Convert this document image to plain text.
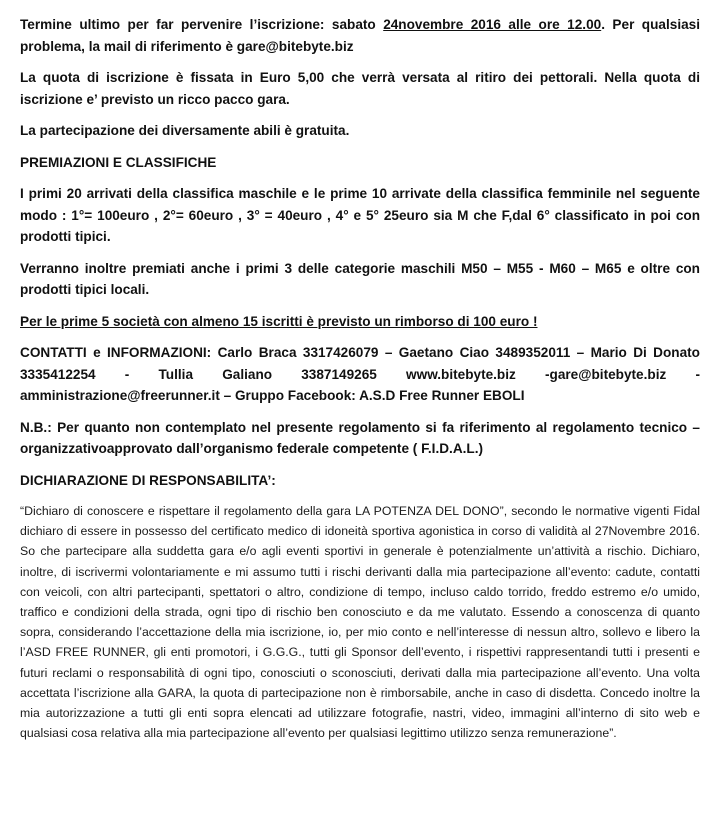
Termine ultimo per far pervenire l’iscrizione: sabato 24novembre 2016 alle ore 12.00. Per qualsiasi problema, la mail di riferimento è gare@bitebyte.biz

La quota di iscrizione è fissata in Euro 5,00 che verrà versata al ritiro dei pettorali. Nella quota di iscrizione e’ previsto un ricco pacco gara.

La partecipazione dei diversamente abili è gratuita.

PREMIAZIONI E CLASSIFICHE

I primi 20 arrivati della classifica maschile e le prime 10 arrivate della classifica femminile nel seguente modo : 1°= 100euro , 2°= 60euro , 3° = 40euro , 4° e 5° 25euro sia M che F,dal 6° classificato in poi con prodotti tipici.

Verranno inoltre premiati anche i primi 3 delle categorie maschili M50 – M55 - M60 – M65 e oltre con prodotti tipici locali.

Per le prime 5 società con almeno 15 iscritti è previsto un rimborso di 100 euro !

CONTATTI e INFORMAZIONI: Carlo Braca 3317426079 – Gaetano Ciao 3489352011 – Mario Di Donato
3335412254 - Tullia Galiano 3387149265 www.bitebyte.biz -gare@bitebyte.biz -
amministrazione@freerunner.it – Gruppo Facebook: A.S.D Free Runner EBOLI

N.B.: Per quanto non contemplato nel presente regolamento si fa riferimento al regolamento tecnico – organizzativoapprovato dall’organismo federale competente ( F.I.D.A.L.)

DICHIARAZIONE DI RESPONSABILITA’:

“Dichiaro di conoscere e rispettare il regolamento della gara LA POTENZA DEL DONO”, secondo le normative vigenti Fidal dichiaro di essere in possesso del certificato medico di idoneità sportiva agonistica in corso di validità al 27Novembre 2016. So che partecipare alla suddetta gara e/o agli eventi sportivi in generale è potenzialmente un’attività a rischio. Dichiaro, inoltre, di iscrivermi volontariamente e mi assumo tutti i rischi derivanti dalla mia partecipazione all’evento: cadute, contatti con veicoli, con altri partecipanti, spettatori o altro, condizione di tempo, incluso caldo torrido, freddo estremo e/o umido, traffico e condizioni della strada, ogni tipo di rischio ben conosciuto e da me valutato. Essendo a conoscenza di quanto sopra, considerando l’accettazione della mia iscrizione, io, per mio conto e nell’interesse di nessun altro, sollevo e libero la l’ASD FREE RUNNER, gli enti promotori, i G.G.G., tutti gli Sponsor dell’evento, i rispettivi rappresentandi tutti i presenti e futuri reclami o responsabilità di ogni tipo, conosciuti o sconosciuti, derivati dalla mia partecipazione all’evento. Una volta accettata l’iscrizione alla GARA, la quota di partecipazione non è rimborsabile, anche in caso di disdetta. Concedo inoltre la mia autorizzazione a tutti gli enti sopra elencati ad utilizzare fotografie, nastri, video, immagini all’interno di sito web e qualsiasi cosa relativa alla mia partecipazione all’evento per qualsiasi legittimo utilizzo senza remunerazione”.
